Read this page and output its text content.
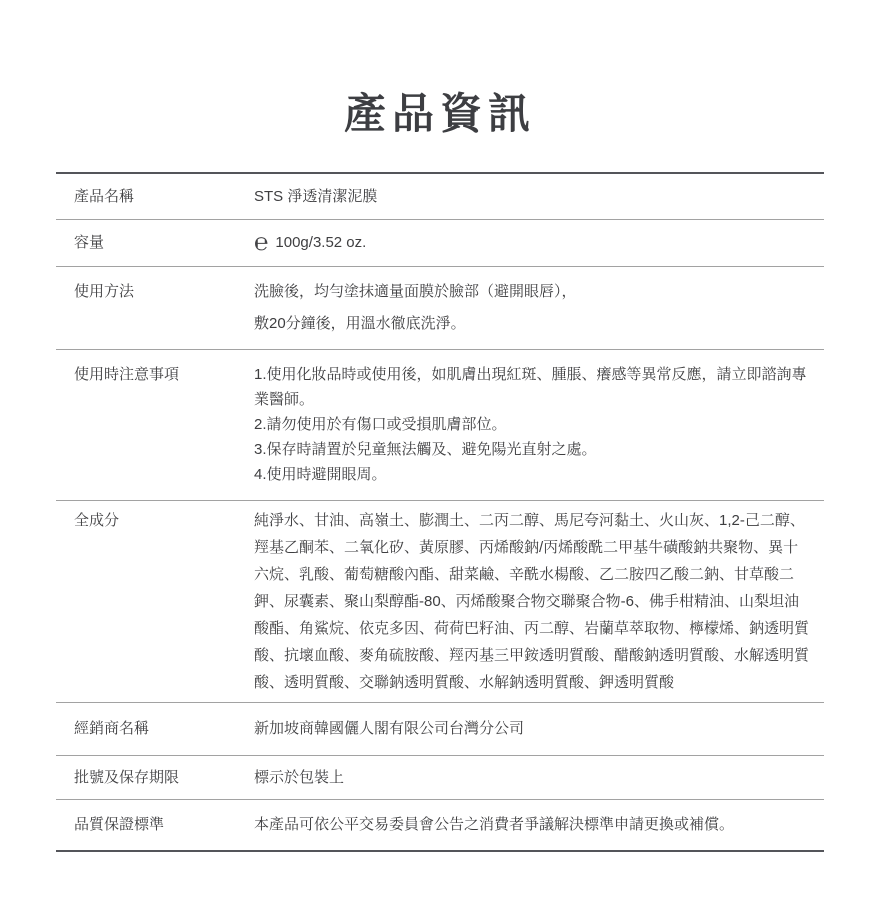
產品資訊
產品名稱	STS 淨透清潔泥膜
容量	℮ 100g/3.52 oz.
使用方法	洗臉後，均勻塗抹適量面膜於臉部（避開眼唇），
敷20分鐘後，用溫水徹底洗淨。
使用時注意事項	1.使用化妝品時或使用後，如肌膚出現紅斑、腫脹、癢感等異常反應，請立即諮詢專業醫師。
2.請勿使用於有傷口或受損肌膚部位。
3.保存時請置於兒童無法觸及、避免陽光直射之處。
4.使用時避開眼周。
全成分	純淨水、甘油、高嶺土、膨潤土、二丙二醇、馬尼夸河黏土、火山灰、1,2-己二醇、羥基乙酮苯、二氧化矽、黃原膠、丙烯酸鈉/丙烯酸酰二甲基牛磺酸鈉共聚物、異十六烷、乳酸、葡萄糖酸內酯、甜菜鹼、辛酰水楊酸、乙二胺四乙酸二鈉、甘草酸二鉀、尿囊素、聚山梨醇酯-80、丙烯酸聚合物交聯聚合物-6、佛手柑精油、山梨坦油酸酯、角鯊烷、依克多因、荷荷巴籽油、丙二醇、岩蘭草萃取物、檸檬烯、鈉透明質酸、抗壞血酸、麥角硫胺酸、羥丙基三甲銨透明質酸、醋酸鈉透明質酸、水解透明質酸、透明質酸、交聯鈉透明質酸、水解鈉透明質酸、鉀透明質酸
經銷商名稱	新加坡商韓國儷人閣有限公司台灣分公司
批號及保存期限	標示於包裝上
品質保證標準	本產品可依公平交易委員會公告之消費者爭議解決標準申請更換或補償。
